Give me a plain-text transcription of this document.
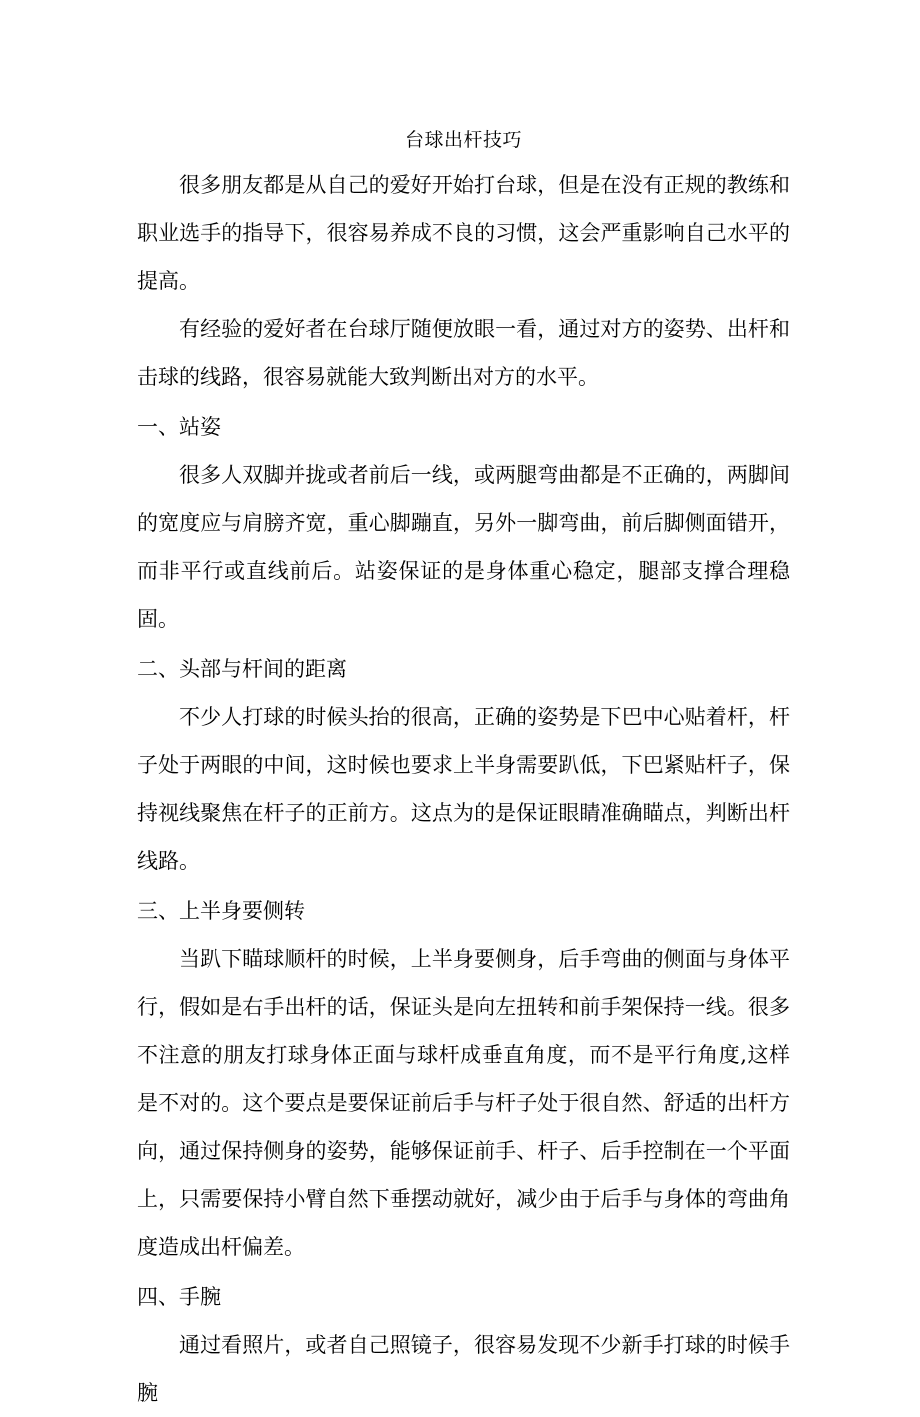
台球出杆技巧

很多朋友都是从自己的爱好开始打台球，但是在没有正规的教练和职业选手的指导下，很容易养成不良的习惯，这会严重影响自己水平的提高。

有经验的爱好者在台球厅随便放眼一看，通过对方的姿势、出杆和击球的线路，很容易就能大致判断出对方的水平。

一、站姿

很多人双脚并拢或者前后一线，或两腿弯曲都是不正确的，两脚间的宽度应与肩膀齐宽，重心脚蹦直，另外一脚弯曲，前后脚侧面错开，而非平行或直线前后。站姿保证的是身体重心稳定，腿部支撑合理稳固。

二、头部与杆间的距离

不少人打球的时候头抬的很高，正确的姿势是下巴中心贴着杆，杆子处于两眼的中间，这时候也要求上半身需要趴低，下巴紧贴杆子，保持视线聚焦在杆子的正前方。这点为的是保证眼睛准确瞄点，判断出杆线路。

三、上半身要侧转

当趴下瞄球顺杆的时候，上半身要侧身，后手弯曲的侧面与身体平行，假如是右手出杆的话，保证头是向左扭转和前手架保持一线。很多不注意的朋友打球身体正面与球杆成垂直角度，而不是平行角度,这样是不对的。这个要点是要保证前后手与杆子处于很自然、舒适的出杆方向，通过保持侧身的姿势，能够保证前手、杆子、后手控制在一个平面上，只需要保持小臂自然下垂摆动就好，减少由于后手与身体的弯曲角度造成出杆偏差。

四、手腕

通过看照片，或者自己照镜子，很容易发现不少新手打球的时候手腕
